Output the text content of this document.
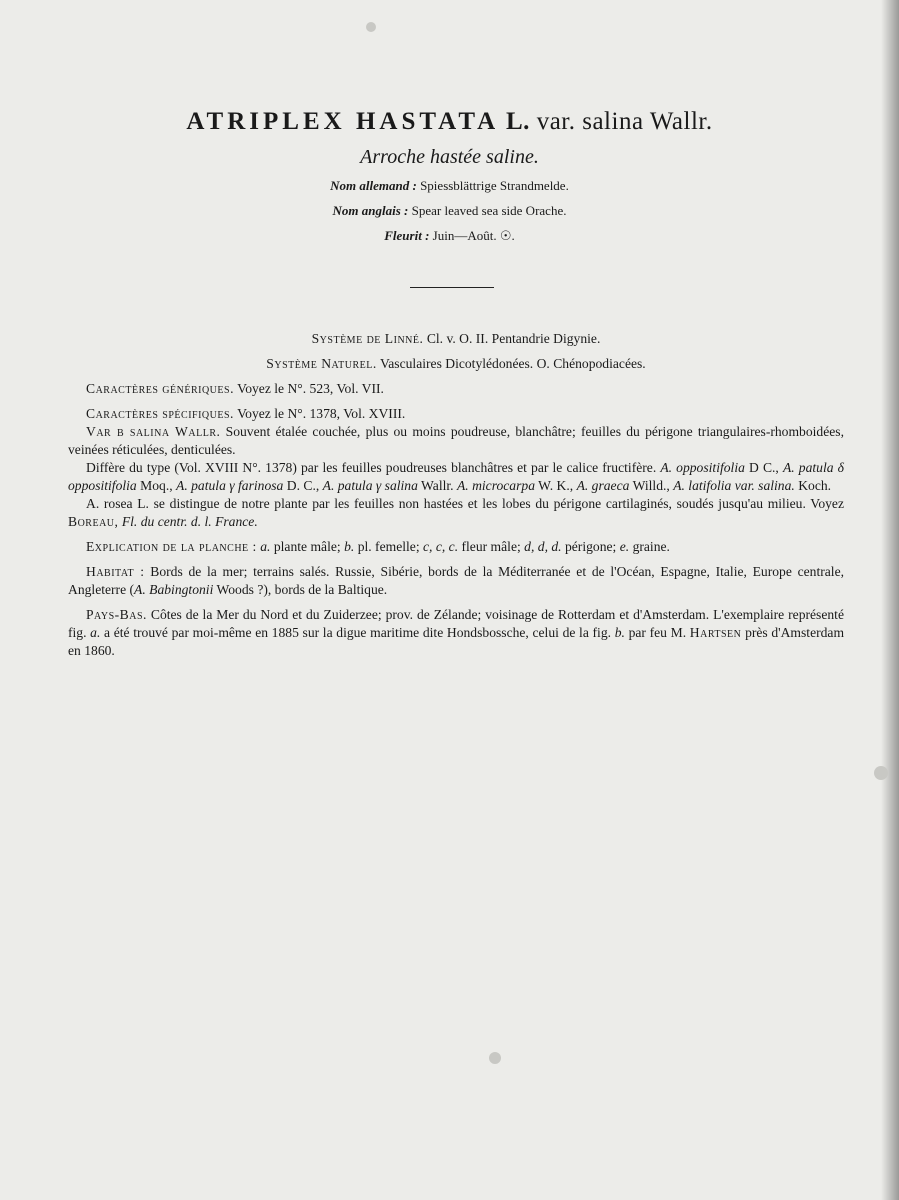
ATRIPLEX HASTATA L. var. salina Wallr.
Arroche hastée saline.
Nom allemand : Spiessblättrige Strandmelde.
Nom anglais : Spear leaved sea side Orache.
Fleurit : Juin—Août. ☉.

Système de Linné. Cl. v. O. II. Pentandrie Digynie.

Système Naturel. Vasculaires Dicotylédonées. O. Chénopodiacées.

Caractères génériques. Voyez le N°. 523, Vol. VII.

Caractères spécifiques. Voyez le N°. 1378, Vol. XVIII.

Var β salina Wallr. Souvent étalée couchée, plus ou moins poudreuse, blanchâtre; feuilles du périgone triangulaires-rhomboidées, veinées réticulées, denticulées.

Diffère du type (Vol. XVIII N°. 1378) par les feuilles poudreuses blanchâtres et par le calice fructifère. A. oppositifolia D C., A. patula δ oppositifolia Moq., A. patula γ farinosa D. C., A. patula γ salina Wallr. A. microcarpa W. K., A. graeca Willd., A. latifolia var. salina. Koch.

A. rosea L. se distingue de notre plante par les feuilles non hastées et les lobes du périgone cartilaginés, soudés jusqu'au milieu. Voyez Boreau, Fl. du centr. d. l. France.

Explication de la planche : a. plante mâle; b. pl. femelle; c, c, c. fleur mâle; d, d, d. périgone; e. graine.

Habitat : Bords de la mer; terrains salés. Russie, Sibérie, bords de la Méditerranée et de l'Océan, Espagne, Italie, Europe centrale, Angleterre (A. Babingtonii Woods ?), bords de la Baltique.

Pays-Bas. Côtes de la Mer du Nord et du Zuiderzee; prov. de Zélande; voisinage de Rotterdam et d'Amsterdam. L'exemplaire représenté fig. a. a été trouvé par moi-même en 1885 sur la digue maritime dite Hondsbossche, celui de la fig. b. par feu M. Hartsen près d'Amsterdam en 1860.
